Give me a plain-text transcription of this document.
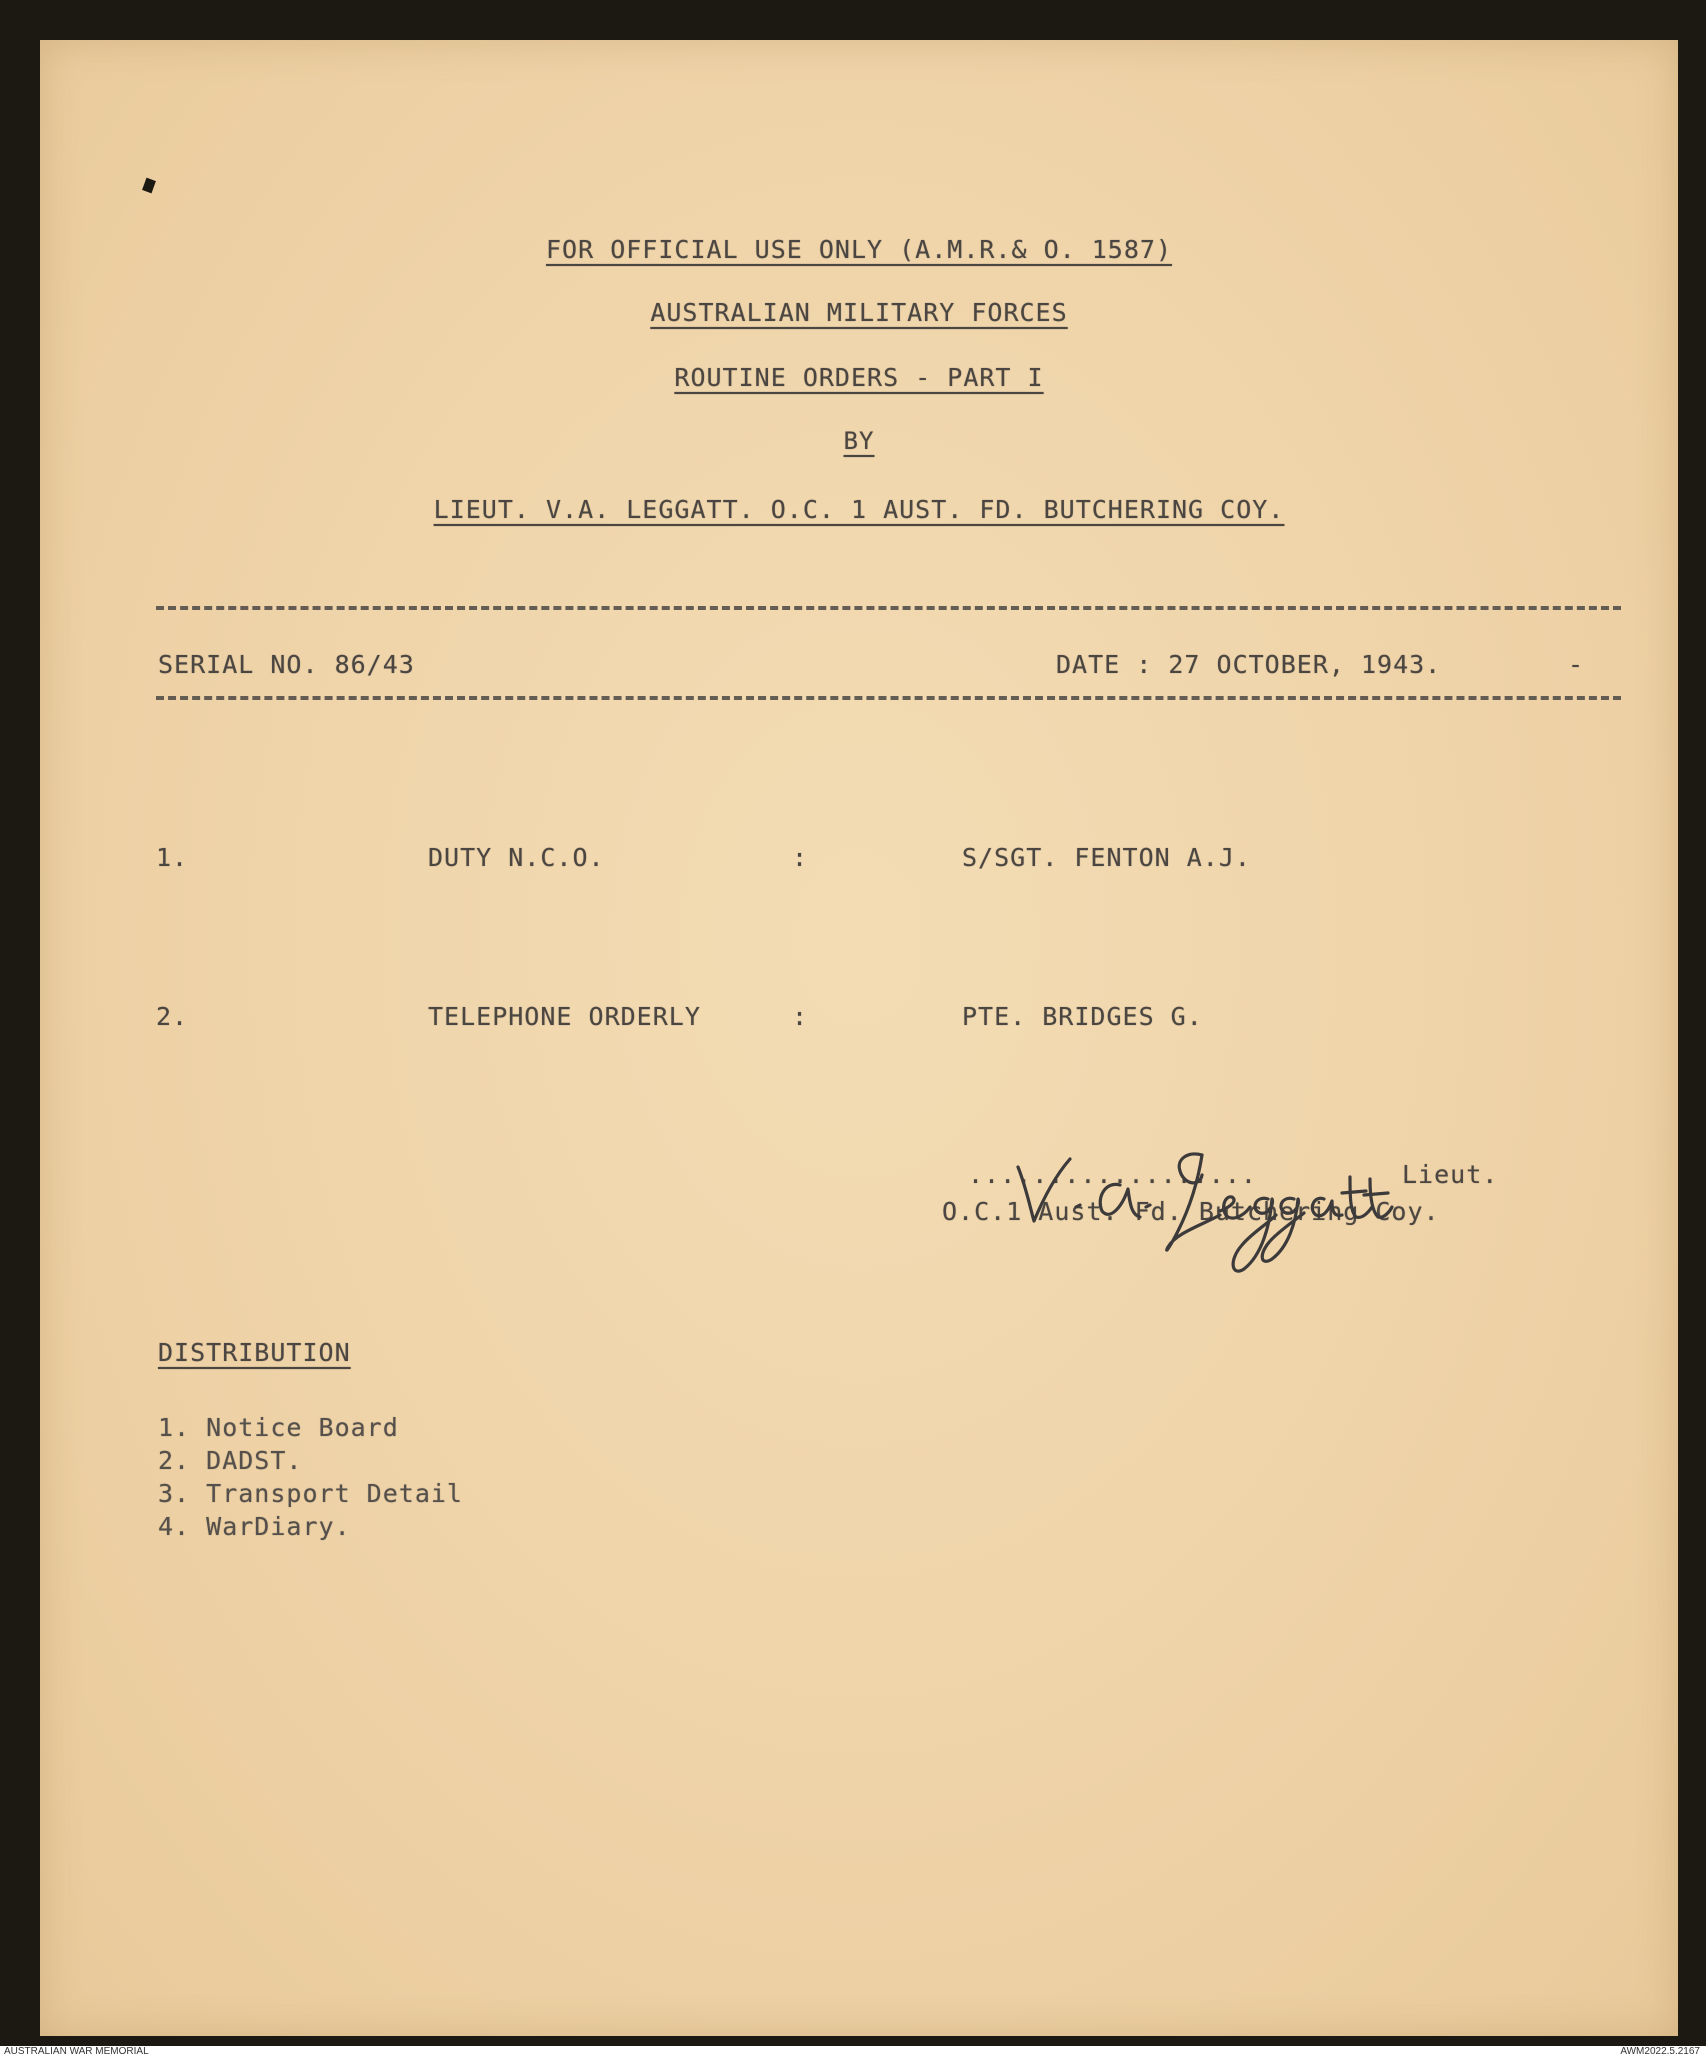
FOR OFFICIAL USE ONLY (A.M.R.& O. 1587)
AUSTRALIAN MILITARY FORCES
ROUTINE ORDERS - PART I
BY
LIEUT. V.A. LEGGATT. O.C. 1 AUST. FD. BUTCHERING COY.
SERIAL NO. 86/43	DATE : 27 OCTOBER, 1943.	-
1.	DUTY N.C.O.	:	S/SGT. FENTON A.J.
2.	TELEPHONE ORDERLY	:	PTE. BRIDGES G.
..................	Lieut.
O.C.1 Aust. Fd. Butchering Coy.
DISTRIBUTION
1. Notice Board
2. DADST.
3. Transport Detail
4. WarDiary.
AUSTRALIAN WAR MEMORIAL	AWM2022.5.2167
